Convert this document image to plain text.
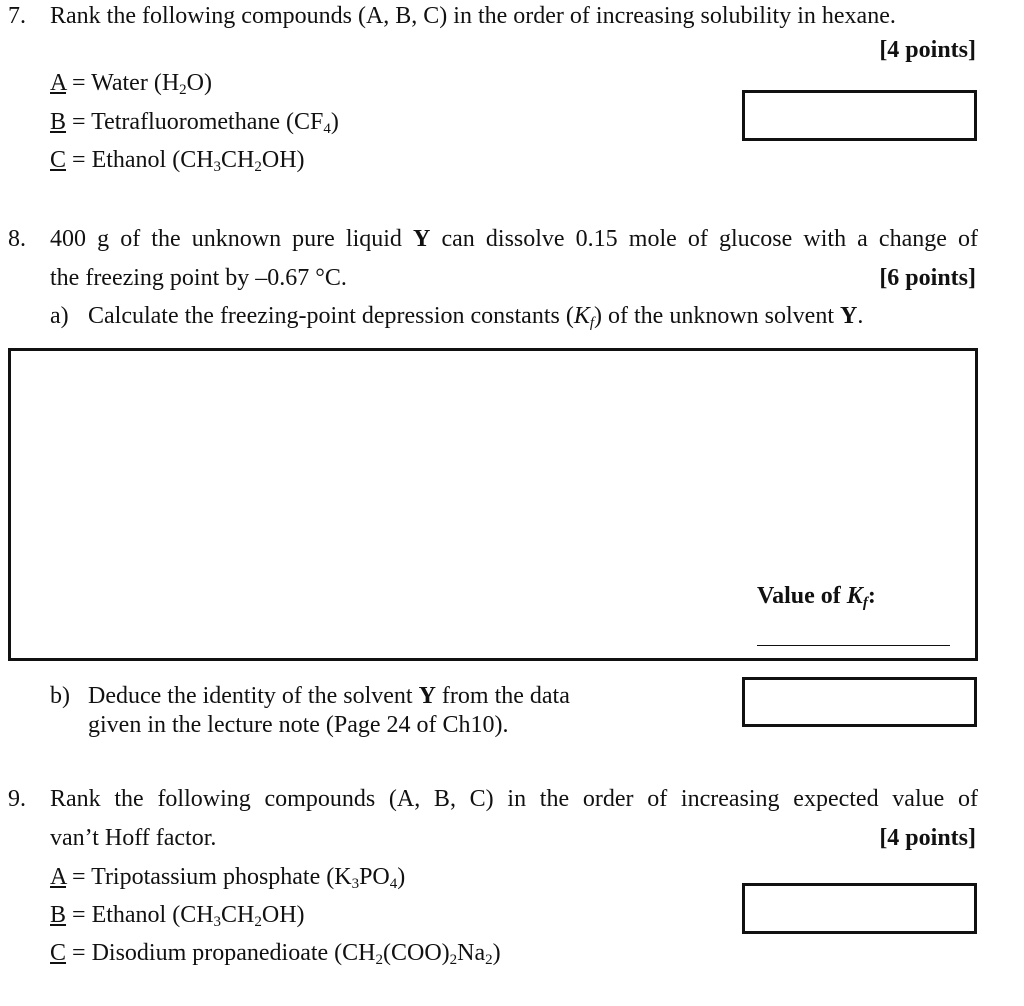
7. Rank the following compounds (A, B, C) in the order of increasing solubility in hexane.
[4 points]
A = Water $(H_2O)$
B = Tetrafluoromethane $(CF_4)$
C = Ethanol $(CH_3CH_2OH)$
8. 400 g of the unknown pure liquid Y can dissolve 0.15 mole of glucose with a change of
the freezing point by –0.67 °C.	[6 points]
a) Calculate the freezing-point depression constants $(K_f)$ of the unknown solvent Y.
Value of $K_f$:
b) Deduce the identity of the solvent Y from the data
given in the lecture note (Page 24 of Ch10).
9. Rank the following compounds (A, B, C) in the order of increasing expected value of
van’t Hoff factor.	[4 points]
A = Tripotassium phosphate $(K_3PO_4)$
B = Ethanol $(CH_3CH_2OH)$
C = Disodium propanedioate $(CH_2(COO)_2Na_2)$
